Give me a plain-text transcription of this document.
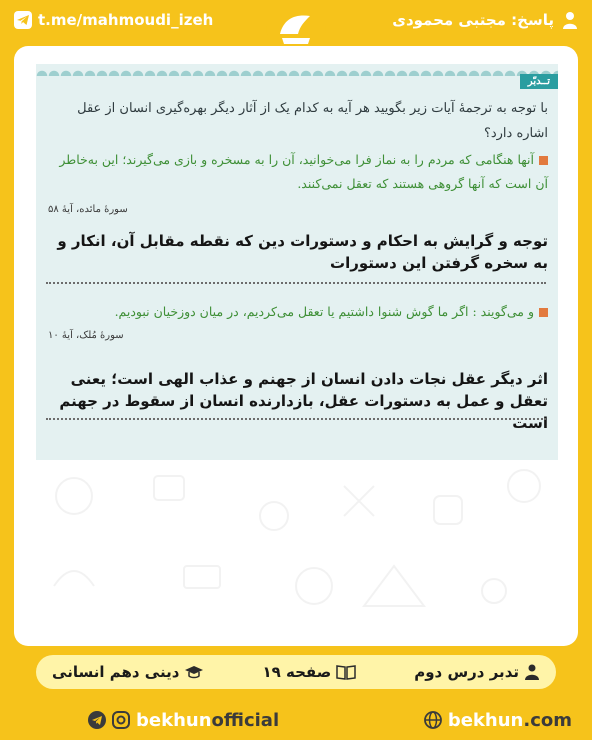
t.me/mahmoudi_izeh	پاسخ: مجتبی محمودی
تــدبّر
با توجه به ترجمهٔ آیات زیر بگویید هر آیه به کدام یک از آثار دیگر بهره‌گیری انسان از عقل اشاره دارد؟
آنها هنگامی که مردم را به نماز فرا می‌خوانید، آن را به مسخره و بازی می‌گیرند؛ این به‌خاطر آن است که آنها گروهی هستند که تعقل نمی‌کنند.
سورهٔ مائده، آیهٔ ۵۸
توجه و گرایش به احکام و دستورات دین که نقطه مقابل آن، انکار و به سخره گرفتن این دستورات
و می‌گویند : اگر ما گوش شنوا داشتیم یا تعقل می‌کردیم، در میان دوزخیان نبودیم.
سورهٔ مُلک، آیهٔ ۱۰
اثر دیگر عقل نجات دادن انسان از جهنم و عذاب الهی است؛ یعنی تعقل و عمل به دستورات عقل، بازدارنده انسان از سقوط در جهنم است
تدبر درس دوم
صفحه ۱۹
دینی دهم انسانی
bekhunofficial	bekhun.com
